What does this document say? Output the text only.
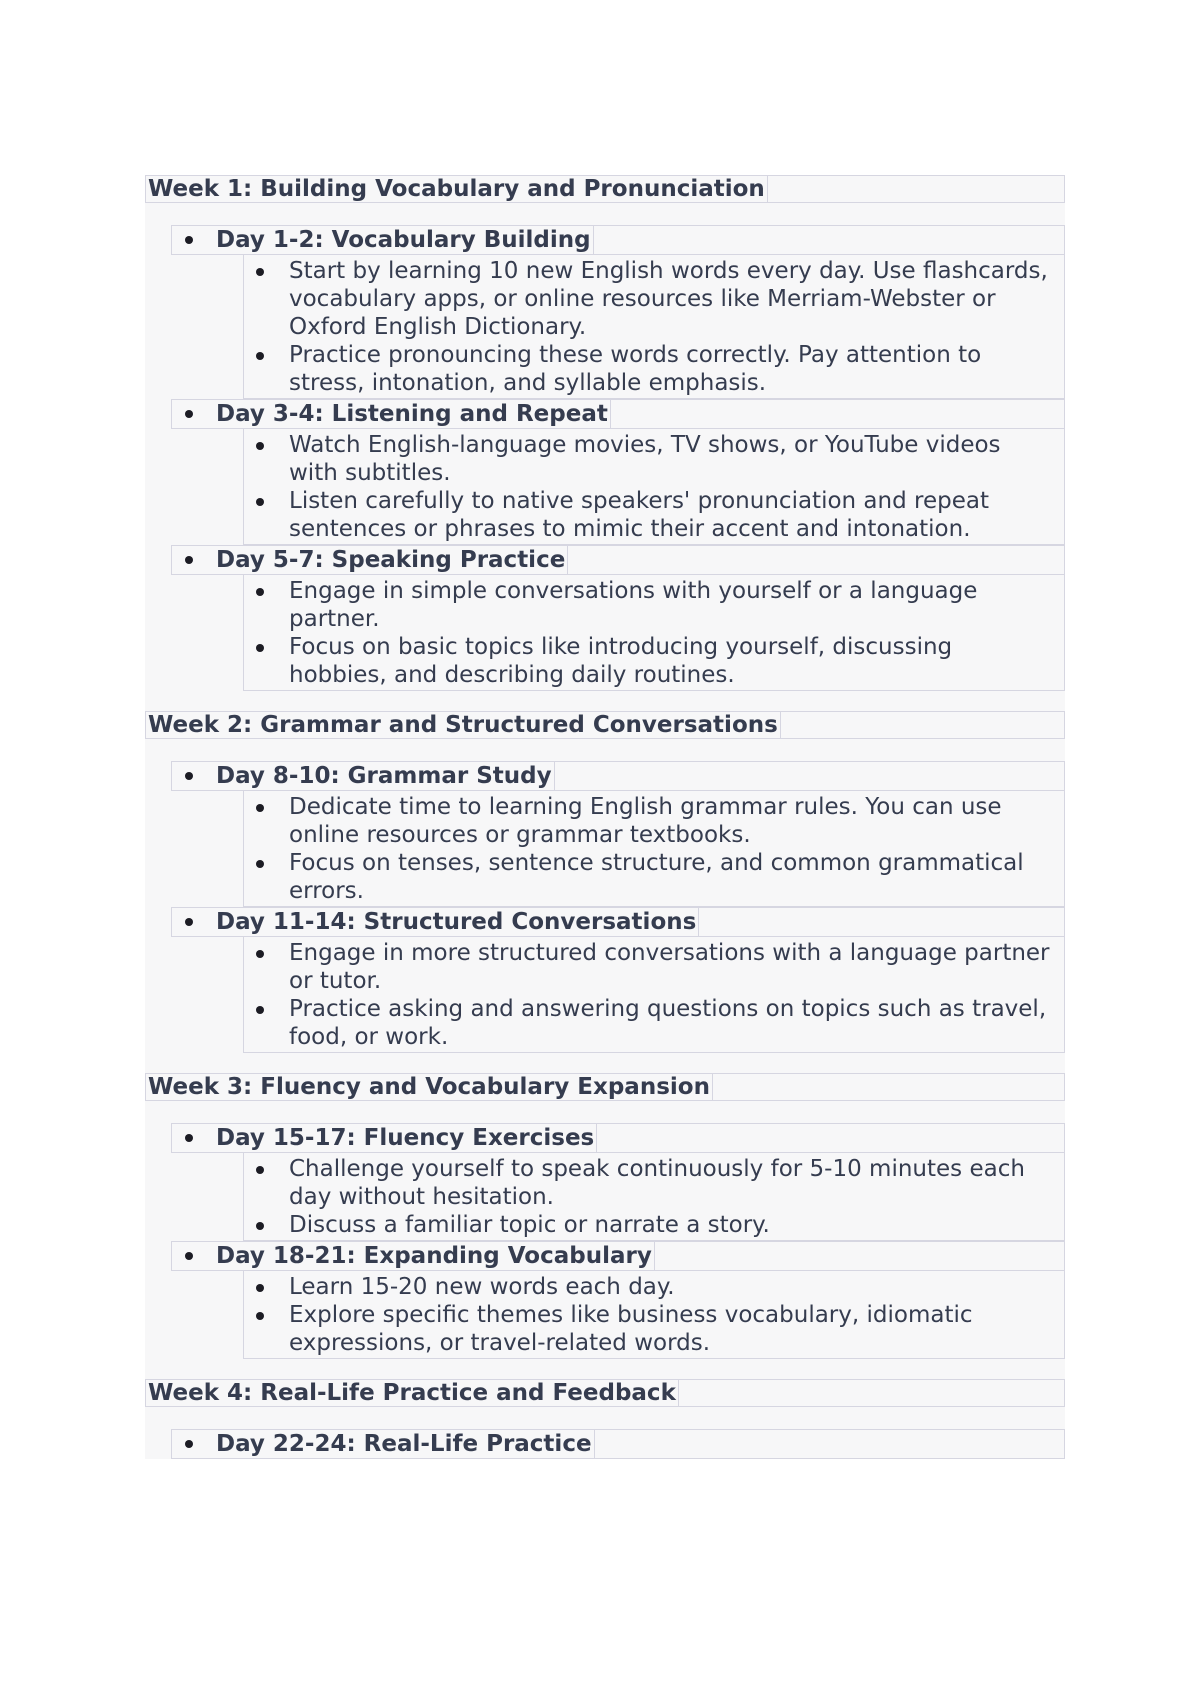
Week 1: Building Vocabulary and Pronunciation
Day 1-2: Vocabulary Building
Start by learning 10 new English words every day. Use flashcards, vocabulary apps, or online resources like Merriam-Webster or Oxford English Dictionary.
Practice pronouncing these words correctly. Pay attention to stress, intonation, and syllable emphasis.
Day 3-4: Listening and Repeat
Watch English-language movies, TV shows, or YouTube videos with subtitles.
Listen carefully to native speakers' pronunciation and repeat sentences or phrases to mimic their accent and intonation.
Day 5-7: Speaking Practice
Engage in simple conversations with yourself or a language partner.
Focus on basic topics like introducing yourself, discussing hobbies, and describing daily routines.
Week 2: Grammar and Structured Conversations
Day 8-10: Grammar Study
Dedicate time to learning English grammar rules. You can use online resources or grammar textbooks.
Focus on tenses, sentence structure, and common grammatical errors.
Day 11-14: Structured Conversations
Engage in more structured conversations with a language partner or tutor.
Practice asking and answering questions on topics such as travel, food, or work.
Week 3: Fluency and Vocabulary Expansion
Day 15-17: Fluency Exercises
Challenge yourself to speak continuously for 5-10 minutes each day without hesitation.
Discuss a familiar topic or narrate a story.
Day 18-21: Expanding Vocabulary
Learn 15-20 new words each day.
Explore specific themes like business vocabulary, idiomatic expressions, or travel-related words.
Week 4: Real-Life Practice and Feedback
Day 22-24: Real-Life Practice
